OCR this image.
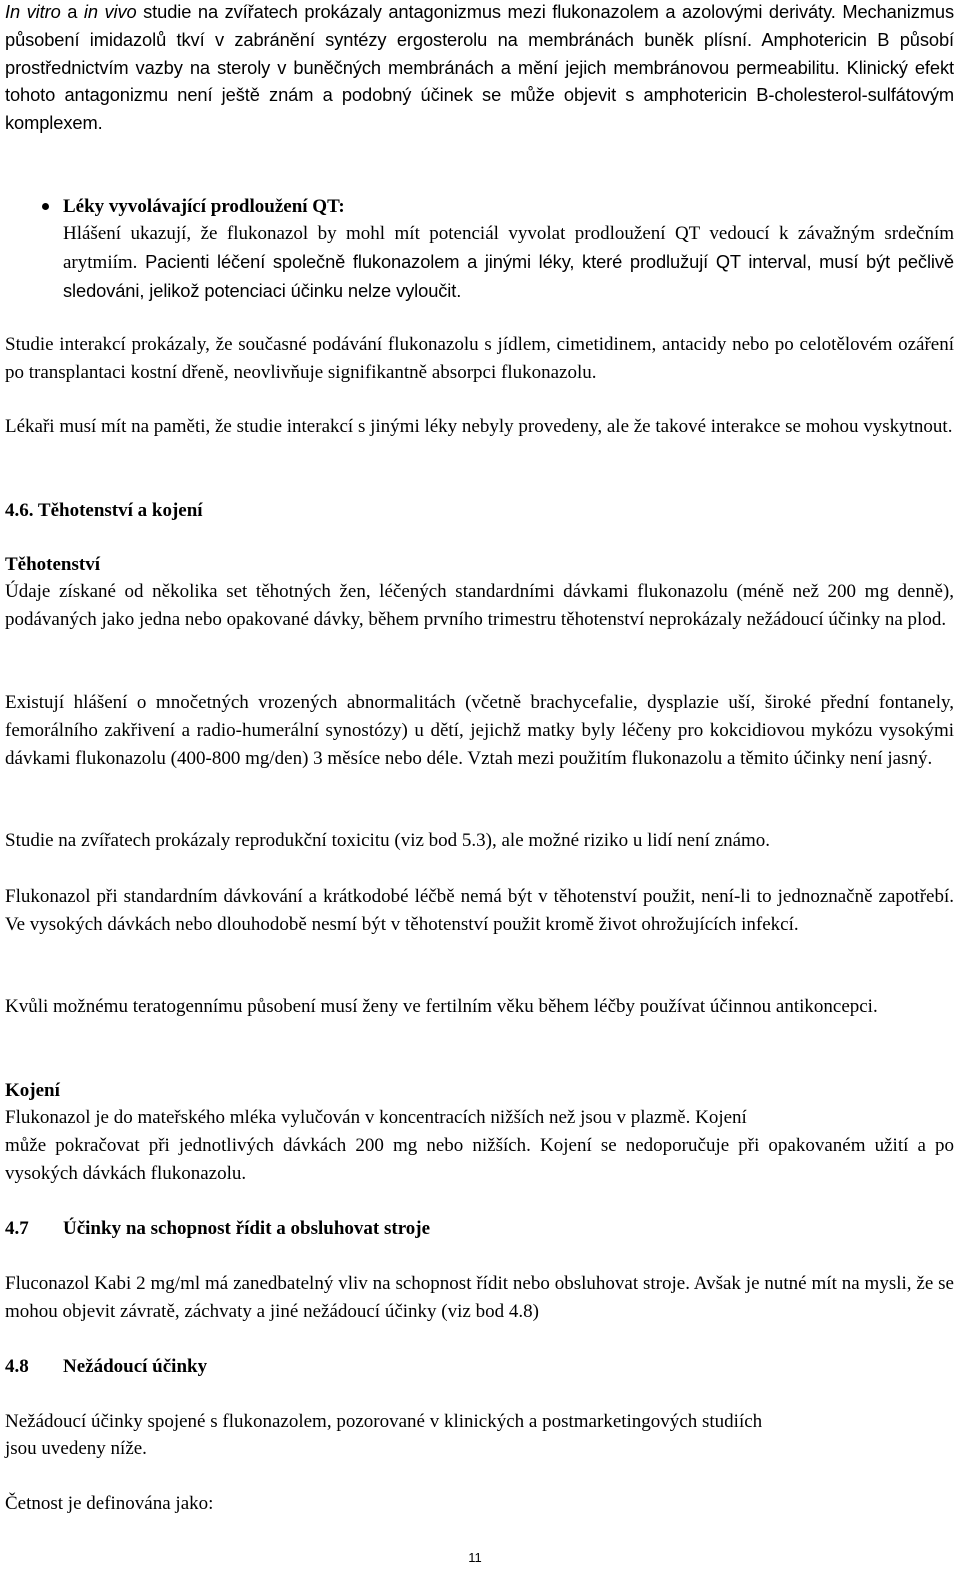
In vitro a in vivo studie na zvířatech prokázaly antagonizmus mezi flukonazolem a azolovými deriváty. Mechanizmus působení imidazolů tkví v zabránění syntézy ergosterolu na membránách buněk plísní. Amphotericin B působí prostřednictvím vazby na steroly v buněčných membránách a mění jejich membránovou permeabilitu. Klinický efekt tohoto antagonizmu není ještě znám a podobný účinek se může objevit s amphotericin B-cholesterol-sulfátovým komplexem.

Léky vyvolávající prodloužení QT:

Hlášení ukazují, že flukonazol by mohl mít potenciál vyvolat prodloužení QT vedoucí k závažným srdečním arytmiím. Pacienti léčení společně flukonazolem a jinými léky, které prodlužují QT interval, musí být pečlivě sledováni, jelikož potenciaci účinku nelze vyloučit.

Studie interakcí prokázaly, že současné podávání flukonazolu s jídlem, cimetidinem, antacidy nebo po celotělovém ozáření po transplantaci kostní dřeně, neovlivňuje signifikantně absorpci flukonazolu.

Lékaři musí mít na paměti, že studie interakcí s jinými léky nebyly provedeny, ale že takové interakce se mohou vyskytnout.

4.6. Těhotenství a kojení

Těhotenství

Údaje získané od několika set těhotných žen, léčených standardními dávkami flukonazolu (méně než 200 mg denně), podávaných jako jedna nebo opakované dávky, během prvního trimestru těhotenství neprokázaly nežádoucí účinky na plod.

Existují hlášení o mnočetných vrozených abnormalitách (včetně brachycefalie, dysplazie uší, široké přední fontanely, femorálního zakřivení a radio-humerální synostózy) u dětí, jejichž matky byly léčeny pro kokcidiovou mykózu vysokými dávkami flukonazolu (400-800 mg/den) 3 měsíce nebo déle. Vztah mezi použitím flukonazolu a těmito účinky není jasný.

Studie na zvířatech prokázaly reprodukční toxicitu (viz bod 5.3), ale možné riziko u lidí není známo.

Flukonazol při standardním dávkování a krátkodobé léčbě nemá být v těhotenství použit, není-li to jednoznačně zapotřebí. Ve vysokých dávkách nebo dlouhodobě nesmí být v těhotenství použit kromě život ohrožujících infekcí.

Kvůli možnému teratogennímu působení musí ženy ve fertilním věku během léčby používat účinnou antikoncepci.

Kojení

Flukonazol je do mateřského mléka vylučován v koncentracích nižších než jsou v plazmě. Kojení

může pokračovat při jednotlivých dávkách 200 mg nebo nižších. Kojení se nedoporučuje při opakovaném užití a po vysokých dávkách flukonazolu.

4.7 Účinky na schopnost řídit a obsluhovat stroje

Fluconazol Kabi 2 mg/ml má zanedbatelný vliv na schopnost řídit nebo obsluhovat stroje. Avšak je nutné mít na mysli, že se mohou objevit závratě, záchvaty a jiné nežádoucí účinky (viz bod 4.8)

4.8 Nežádoucí účinky

Nežádoucí účinky spojené s flukonazolem, pozorované v klinických a postmarketingových studiích

jsou uvedeny níže.

Četnost je definována jako:

11
